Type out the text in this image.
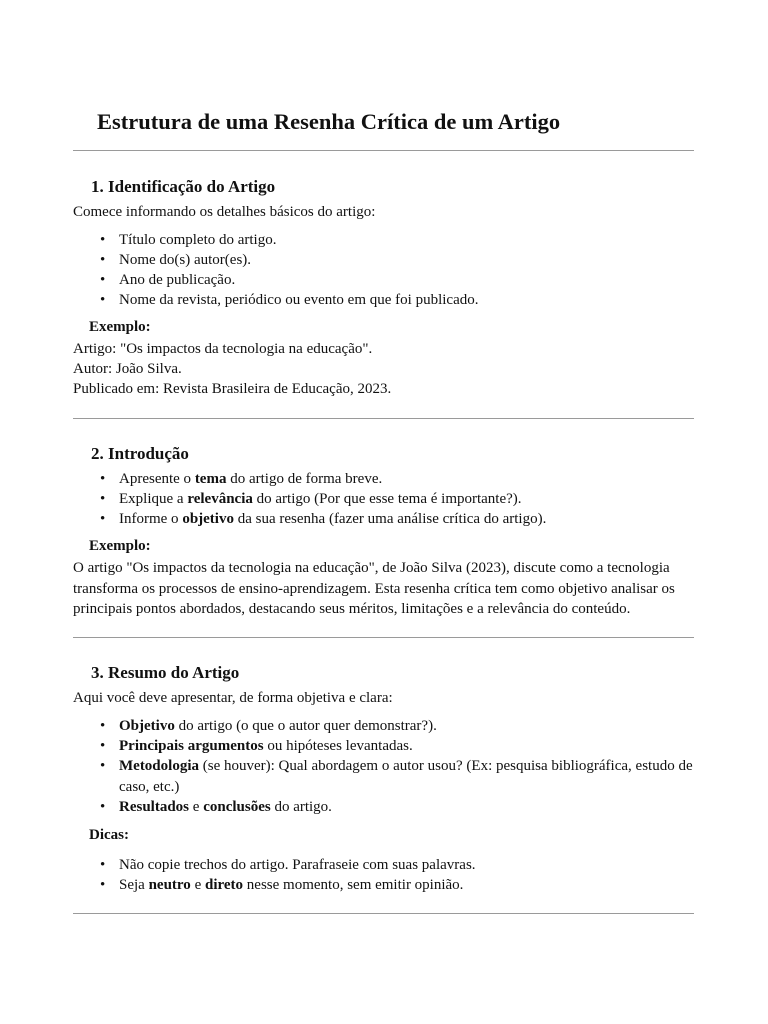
Estrutura de uma Resenha Crítica de um Artigo
1. Identificação do Artigo

Comece informando os detalhes básicos do artigo:

• Título completo do artigo.
• Nome do(s) autor(es).
• Ano de publicação.
• Nome da revista, periódico ou evento em que foi publicado.

Exemplo:

Artigo: "Os impactos da tecnologia na educação".

Autor: João Silva.

Publicado em: Revista Brasileira de Educação, 2023.

2. Introdução
• Apresente o tema do artigo de forma breve.
• Explique a relevância do artigo (Por que esse tema é importante?).
• Informe o objetivo da sua resenha (fazer uma análise crítica do artigo).

Exemplo:

O artigo "Os impactos da tecnologia na educação", de João Silva (2023), discute como a tecnologia transforma os processos de ensino-aprendizagem. Esta resenha crítica tem como objetivo analisar os principais pontos abordados, destacando seus méritos, limitações e a relevância do conteúdo.

3. Resumo do Artigo

Aqui você deve apresentar, de forma objetiva e clara:

• Objetivo do artigo (o que o autor quer demonstrar?).
• Principais argumentos ou hipóteses levantadas.
• Metodologia (se houver): Qual abordagem o autor usou? (Ex: pesquisa bibliográfica, estudo de caso, etc.)
• Resultados e conclusões do artigo.

Dicas:

• Não copie trechos do artigo. Parafraseie com suas palavras.
• Seja neutro e direto nesse momento, sem emitir opinião.
